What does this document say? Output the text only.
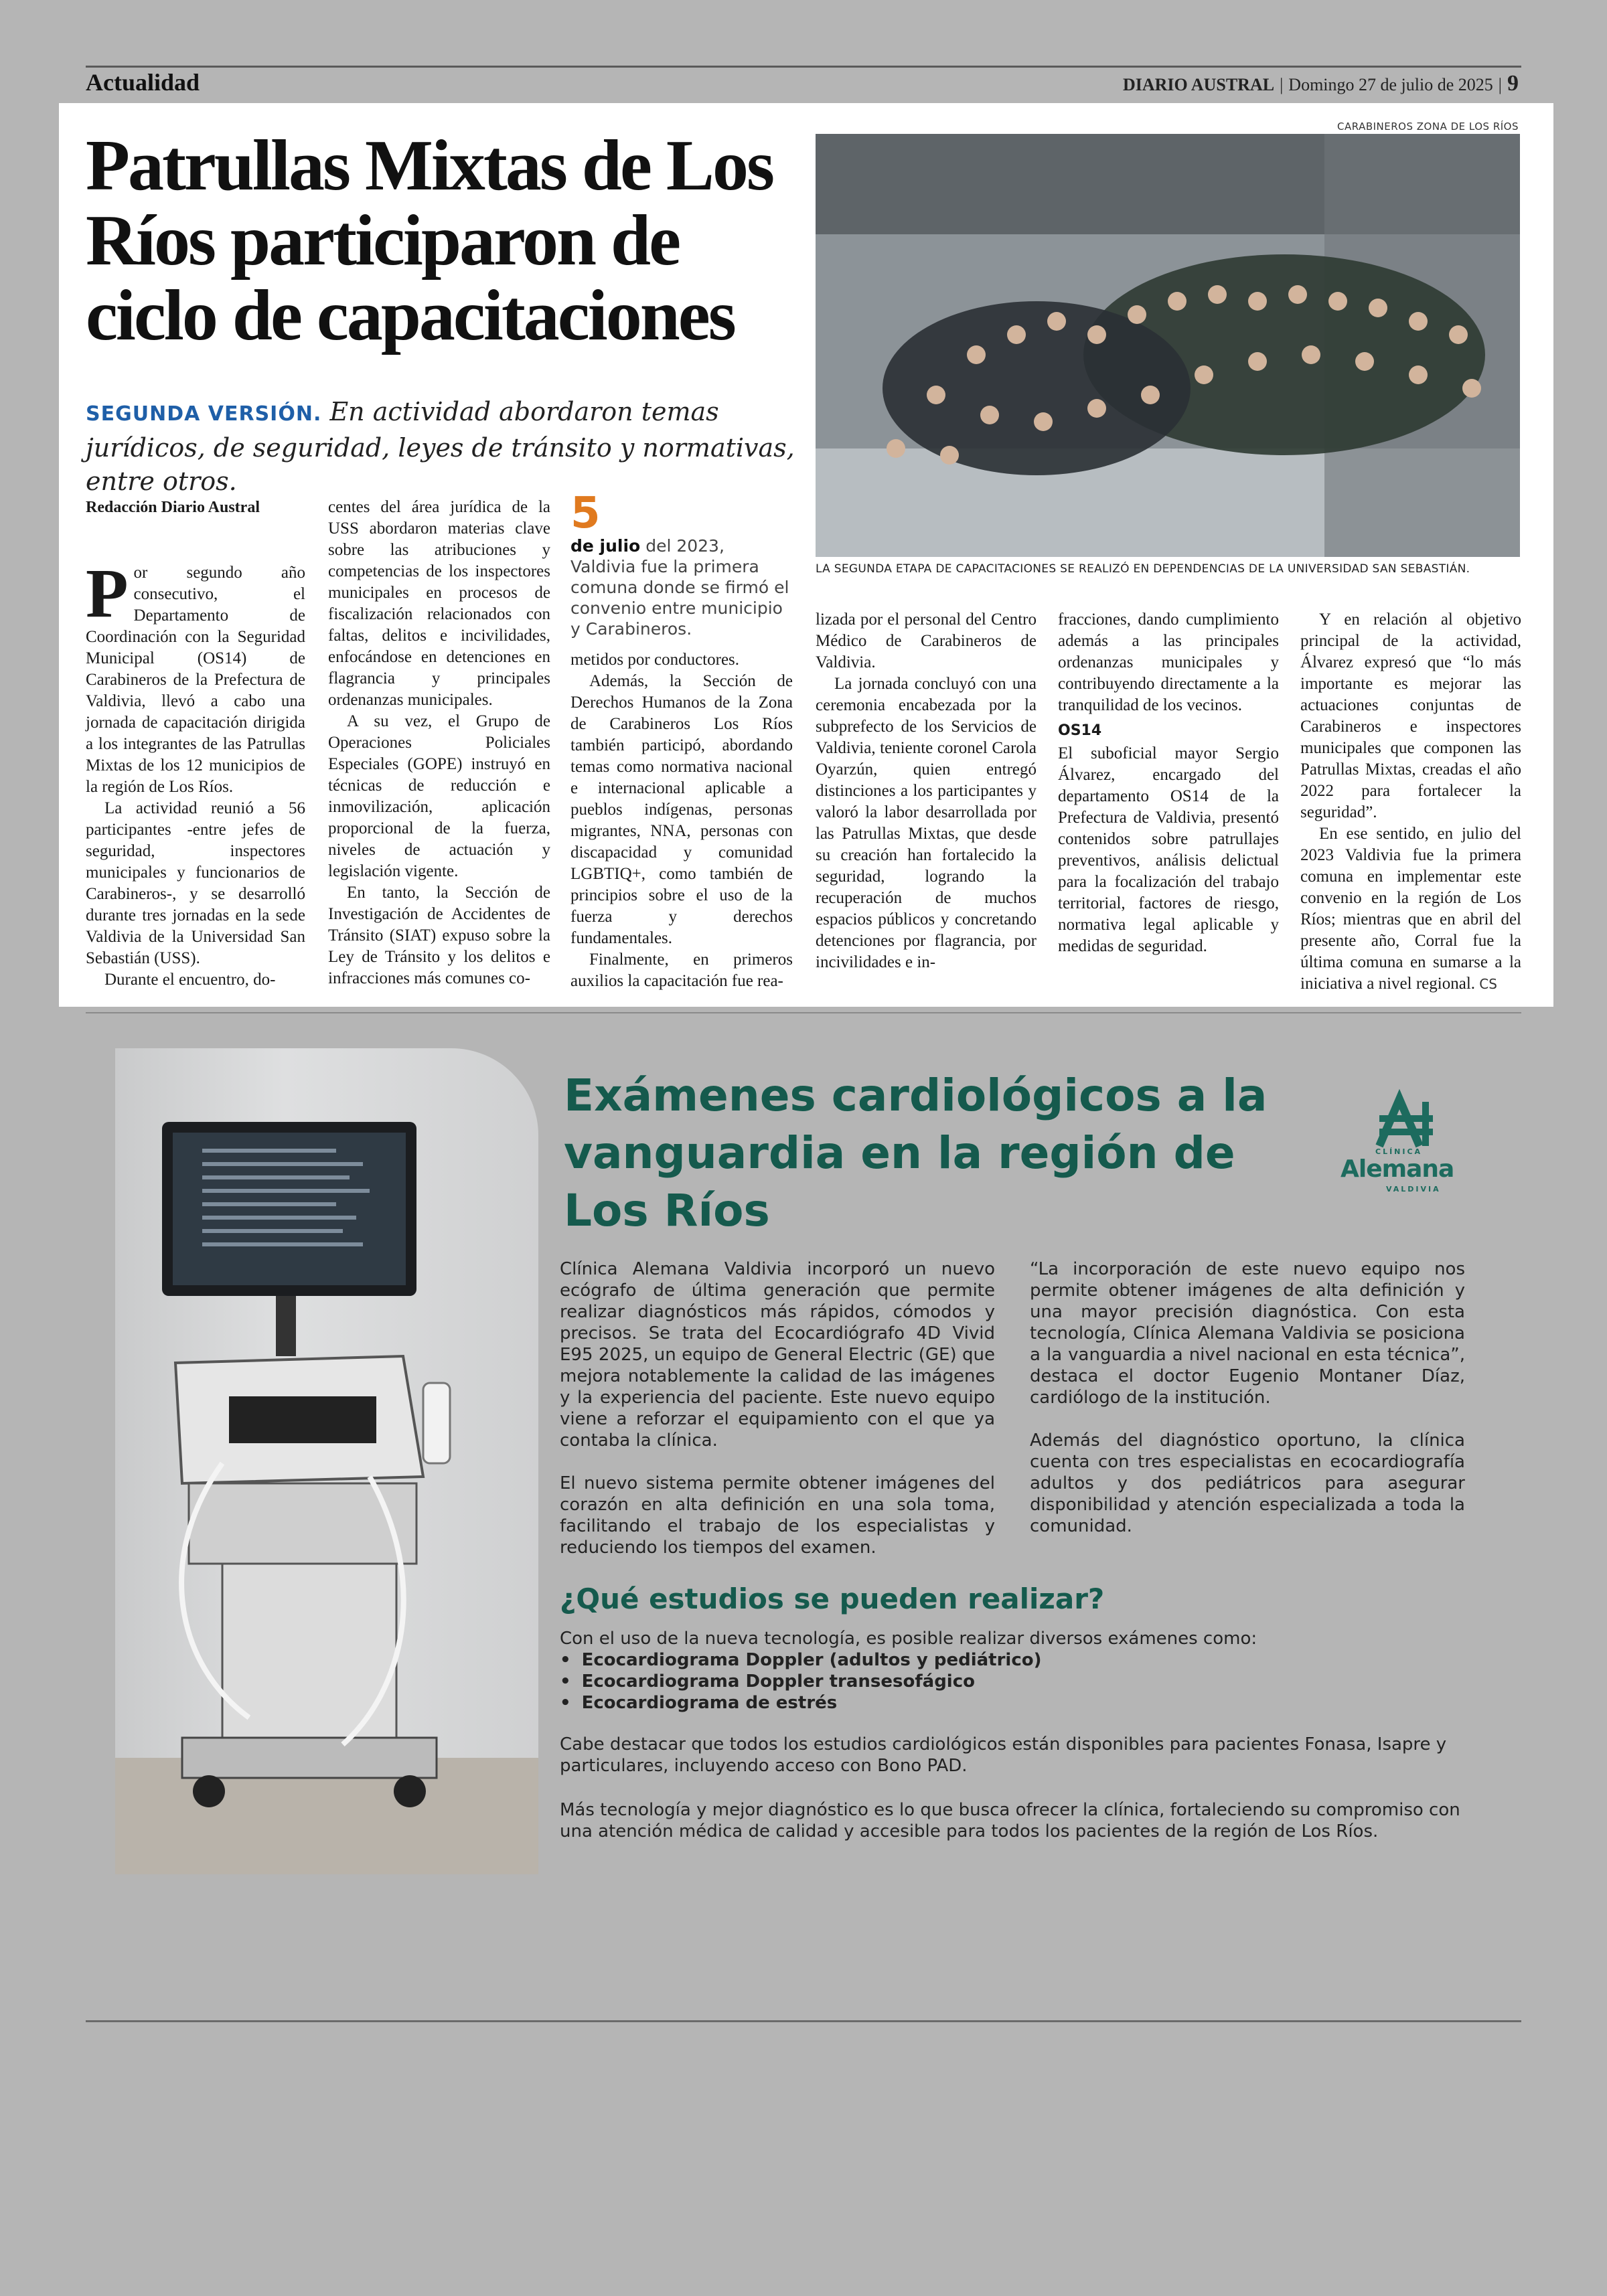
Actualidad	DIARIO AUSTRAL | Domingo 27 de julio de 2025 | 9
Patrullas Mixtas de Los Ríos participaron de ciclo de capacitaciones
SEGUNDA VERSIÓN. En actividad abordaron temas jurídicos, de seguridad, leyes de tránsito y normativas, entre otros.
CARABINEROS ZONA DE LOS RÍOS
LA SEGUNDA ETAPA DE CAPACITACIONES SE REALIZÓ EN DEPENDENCIAS DE LA UNIVERSIDAD SAN SEBASTIÁN.

Redacción Diario Austral

Por segundo año consecutivo, el Departamento de Coordinación con la Seguridad Municipal (OS14) de Carabineros de la Prefectura de Valdivia, llevó a cabo una jornada de capacitación dirigida a los integrantes de las Patrullas Mixtas de los 12 municipios de la región de Los Ríos.

La actividad reunió a 56 participantes -entre jefes de seguridad, inspectores municipales y funcionarios de Carabineros-, y se desarrolló durante tres jornadas en la sede Valdivia de la Universidad San Sebastián (USS).

Durante el encuentro, do-

centes del área jurídica de la USS abordaron materias clave sobre las atribuciones y competencias de los inspectores municipales en procesos de fiscalización relacionados con faltas, delitos e incivilidades, enfocándose en detenciones en flagrancia y principales ordenanzas municipales.

A su vez, el Grupo de Operaciones Policiales Especiales (GOPE) instruyó en técnicas de reducción e inmovilización, aplicación proporcional de la fuerza, niveles de actuación y legislación vigente.

En tanto, la Sección de Investigación de Accidentes de Tránsito (SIAT) expuso sobre la Ley de Tránsito y los delitos e infracciones más comunes co-

5
de julio del 2023, Valdivia fue la primera comuna donde se firmó el convenio entre municipio y Carabineros.

metidos por conductores.

Además, la Sección de Derechos Humanos de la Zona de Carabineros Los Ríos también participó, abordando temas como normativa nacional e internacional aplicable a pueblos indígenas, personas migrantes, NNA, personas con discapacidad y comunidad LGBTIQ+, como también de principios sobre el uso de la fuerza y derechos fundamentales.

Finalmente, en primeros auxilios la capacitación fue rea-

lizada por el personal del Centro Médico de Carabineros de Valdivia.

La jornada concluyó con una ceremonia encabezada por la subprefecto de los Servicios de Valdivia, teniente coronel Carola Oyarzún, quien entregó distinciones a los participantes y valoró la labor desarrollada por las Patrullas Mixtas, que desde su creación han fortalecido la seguridad, logrando la recuperación de muchos espacios públicos y concretando detenciones por flagrancia, por incivilidades e in-

fracciones, dando cumplimiento además a las principales ordenanzas municipales y contribuyendo directamente a la tranquilidad de los vecinos.

OS14

El suboficial mayor Sergio Álvarez, encargado del departamento OS14 de la Prefectura de Valdivia, presentó contenidos sobre patrullajes preventivos, análisis delictual para la focalización del trabajo territorial, factores de riesgo, normativa legal aplicable y medidas de seguridad.

Y en relación al objetivo principal de la actividad, Álvarez expresó que “lo más importante es mejorar las actuaciones conjuntas de Carabineros e inspectores municipales que componen las Patrullas Mixtas, creadas el año 2022 para fortalecer la seguridad”.

En ese sentido, en julio del 2023 Valdivia fue la primera comuna en implementar este convenio en la región de Los Ríos; mientras que en abril del presente año, Corral fue la última comuna en sumarse a la iniciativa a nivel regional. CS

Exámenes cardiológicos a la vanguardia en la región de Los Ríos
CLÍNICA
Alemana
VALDIVIA

Clínica Alemana Valdivia incorporó un nuevo ecógrafo de última generación que permite realizar diagnósticos más rápidos, cómodos y precisos. Se trata del Ecocardiógrafo 4D Vivid E95 2025, un equipo de General Electric (GE) que mejora notablemente la calidad de las imágenes y la experiencia del paciente. Este nuevo equipo viene a reforzar el equipamiento con el que ya contaba la clínica.

El nuevo sistema permite obtener imágenes del corazón en alta definición en una sola toma, facilitando el trabajo de los especialistas y reduciendo los tiempos del examen.

“La incorporación de este nuevo equipo nos permite obtener imágenes de alta definición y una mayor precisión diagnóstica. Con esta tecnología, Clínica Alemana Valdivia se posiciona a la vanguardia a nivel nacional en esta técnica”, destaca el doctor Eugenio Montaner Díaz, cardiólogo de la institución.

Además del diagnóstico oportuno, la clínica cuenta con tres especialistas en ecocardiografía adultos y dos pediátricos para asegurar disponibilidad y atención especializada a toda la comunidad.

¿Qué estudios se pueden realizar?

Con el uso de la nueva tecnología, es posible realizar diversos exámenes como:

• Ecocardiograma Doppler (adultos y pediátrico)
• Ecocardiograma Doppler transesofágico
• Ecocardiograma de estrés
Cabe destacar que todos los estudios cardiológicos están disponibles para pacientes Fonasa, Isapre y particulares, incluyendo acceso con Bono PAD.
Más tecnología y mejor diagnóstico es lo que busca ofrecer la clínica, fortaleciendo su compromiso con una atención médica de calidad y accesible para todos los pacientes de la región de Los Ríos.
